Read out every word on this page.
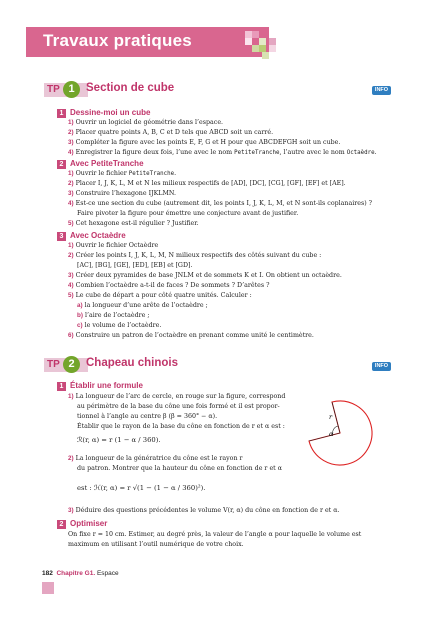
Travaux pratiques
TP 1 Section de cube	INFO
1 Dessine-moi un cube
1) Ouvrir un logiciel de géométrie dans l’espace.
2) Placer quatre points A, B, C et D tels que ABCD soit un carré.
3) Compléter la figure avec les points E, F, G et H pour que ABCDEFGH soit un cube.
4) Enregistrer la figure deux fois, l’une avec le nom PetiteTranche, l’autre avec le nom Octaèdre.
2 Avec PetiteTranche
1) Ouvrir le fichier PetiteTranche.
2) Placer I, J, K, L, M et N les milieux respectifs de [AD], [DC], [CG], [GF], [EF] et [AE].
3) Construire l’hexagone IJKLMN.
4) Est-ce une section du cube (autrement dit, les points I, J, K, L, M, et N sont-ils coplanaires) ?
Faire pivoter la figure pour émettre une conjecture avant de justifier.
5) Cet hexagone est-il régulier ? Justifier.
3 Avec Octaèdre
1) Ouvrir le fichier Octaèdre
2) Créer les points I, J, K, L, M, N milieux respectifs des côtés suivant du cube :
[AC], [BG], [GE], [ED], [EB] et [GD].
3) Créer deux pyramides de base JNLM et de sommets K et I. On obtient un octaèdre.
4) Combien l’octaèdre a-t-il de faces ? De sommets ? D’arêtes ?
5) Le cube de départ a pour côté quatre unités. Calculer :
a) la longueur d’une arête de l’octaèdre ;
b) l’aire de l’octaèdre ;
c) le volume de l’octaèdre.
6) Construire un patron de l’octaèdre en prenant comme unité le centimètre.
TP 2 Chapeau chinois	INFO
1 Établir une formule
1) La longueur de l’arc de cercle, en rouge sur la figure, correspond
au périmètre de la base du cône une fois formé et il est propor-
tionnel à l’angle au centre β (β = 360° − α).
Établir que le rayon de la base du cône en fonction de r et α est :
ℛ(r, α) = r (1 − α / 360).
2) La longueur de la génératrice du cône est le rayon r
du patron. Montrer que la hauteur du cône en fonction de r et α
est : ℋ(r, α) = r √(1 − (1 − α / 360)²).
3) Déduire des questions précédentes le volume V(r, α) du cône en fonction de r et α.
r
α
2 Optimiser
On fixe r = 10 cm. Estimer, au degré près, la valeur de l’angle α pour laquelle le volume est
maximum en utilisant l’outil numérique de votre choix.
182 Chapitre G1. Espace
